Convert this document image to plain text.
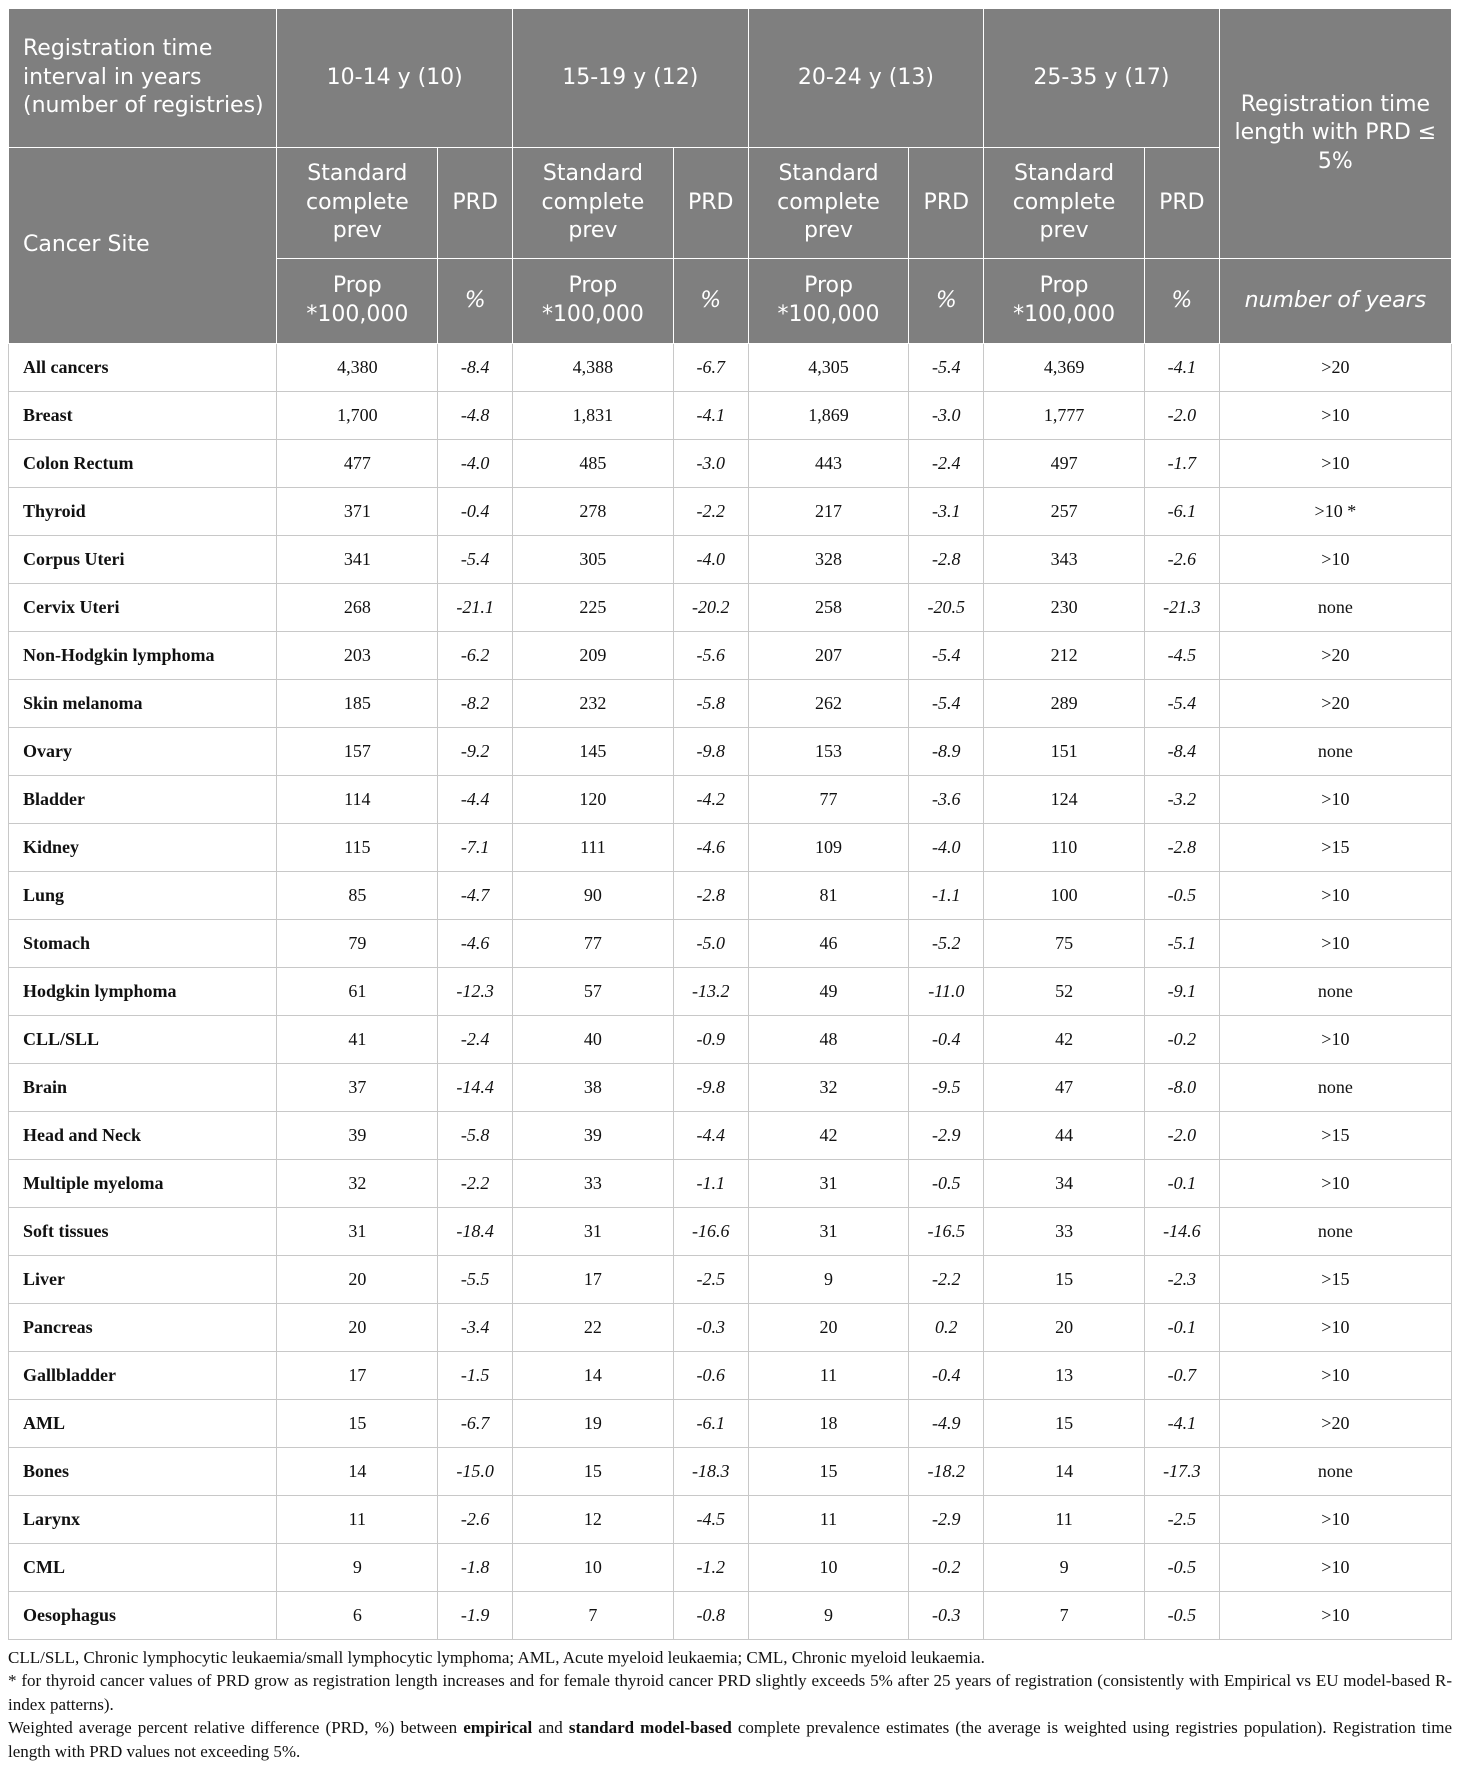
Registration time interval in years (number of registries)	10-14 y (10)		15-19 y (12)		20-24 y (13)		25-35 y (17)		Registration time length with PRD ≤ 5%
Cancer Site	Standard complete prev	PRD	Standard complete prev	PRD	Standard complete prev	PRD	Standard complete prev	PRD	
	Prop *100,000	%	Prop *100,000	%	Prop *100,000	%	Prop *100,000	%	number of years
All cancers	4,380	-8.4	4,388	-6.7	4,305	-5.4	4,369	-4.1	>20
Breast	1,700	-4.8	1,831	-4.1	1,869	-3.0	1,777	-2.0	>10
Colon Rectum	477	-4.0	485	-3.0	443	-2.4	497	-1.7	>10
Thyroid	371	-0.4	278	-2.2	217	-3.1	257	-6.1	>10 *
Corpus Uteri	341	-5.4	305	-4.0	328	-2.8	343	-2.6	>10
Cervix Uteri	268	-21.1	225	-20.2	258	-20.5	230	-21.3	none
Non-Hodgkin lymphoma	203	-6.2	209	-5.6	207	-5.4	212	-4.5	>20
Skin melanoma	185	-8.2	232	-5.8	262	-5.4	289	-5.4	>20
Ovary	157	-9.2	145	-9.8	153	-8.9	151	-8.4	none
Bladder	114	-4.4	120	-4.2	77	-3.6	124	-3.2	>10
Kidney	115	-7.1	111	-4.6	109	-4.0	110	-2.8	>15
Lung	85	-4.7	90	-2.8	81	-1.1	100	-0.5	>10
Stomach	79	-4.6	77	-5.0	46	-5.2	75	-5.1	>10
Hodgkin lymphoma	61	-12.3	57	-13.2	49	-11.0	52	-9.1	none
CLL/SLL	41	-2.4	40	-0.9	48	-0.4	42	-0.2	>10
Brain	37	-14.4	38	-9.8	32	-9.5	47	-8.0	none
Head and Neck	39	-5.8	39	-4.4	42	-2.9	44	-2.0	>15
Multiple myeloma	32	-2.2	33	-1.1	31	-0.5	34	-0.1	>10
Soft tissues	31	-18.4	31	-16.6	31	-16.5	33	-14.6	none
Liver	20	-5.5	17	-2.5	9	-2.2	15	-2.3	>15
Pancreas	20	-3.4	22	-0.3	20	0.2	20	-0.1	>10
Gallbladder	17	-1.5	14	-0.6	11	-0.4	13	-0.7	>10
AML	15	-6.7	19	-6.1	18	-4.9	15	-4.1	>20
Bones	14	-15.0	15	-18.3	15	-18.2	14	-17.3	none
Larynx	11	-2.6	12	-4.5	11	-2.9	11	-2.5	>10
CML	9	-1.8	10	-1.2	10	-0.2	9	-0.5	>10
Oesophagus	6	-1.9	7	-0.8	9	-0.3	7	-0.5	>10

CLL/SLL, Chronic lymphocytic leukaemia/small lymphocytic lymphoma; AML, Acute myeloid leukaemia; CML, Chronic myeloid leukaemia.

* for thyroid cancer values of PRD grow as registration length increases and for female thyroid cancer PRD slightly exceeds 5% after 25 years of registration (consistently with Empirical vs EU model-based R-index patterns).

Weighted average percent relative difference (PRD, %) between empirical and standard model-based complete prevalence estimates (the average is weighted using registries population). Registration time length with PRD values not exceeding 5%.
